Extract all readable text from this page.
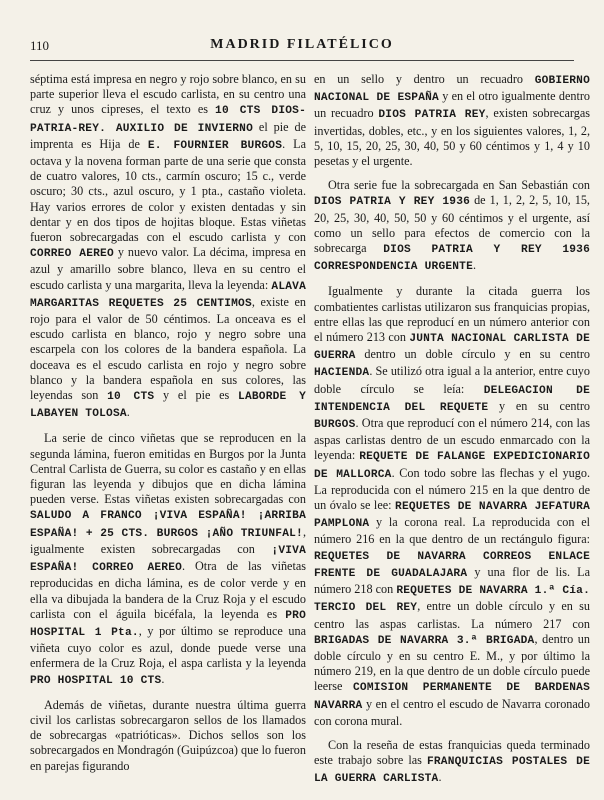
110	MADRID FILATÉLICO

séptima está impresa en negro y rojo sobre blanco, en su parte superior lleva el escudo carlista, en su centro una cruz y unos cipreses, el texto es 10 CTS DIOS-PATRIA-REY. AUXILIO DE INVIERNO el pie de imprenta es Hija de E. FOURNIER BURGOS. La octava y la novena forman parte de una serie que consta de cuatro valores, 10 cts., carmín oscuro; 15 c., verde oscuro; 30 cts., azul oscuro, y 1 pta., castaño violeta. Hay varios errores de color y existen dentadas y sin dentar y en dos tipos de hojitas bloque. Estas viñetas fueron sobrecargadas con el escudo carlista y con CORREO AEREO y nuevo valor. La décima, impresa en azul y amarillo sobre blanco, lleva en su centro el escudo carlista y una margarita, lleva la leyenda: ALAVA MARGARITAS REQUETES 25 CENTIMOS, existe en rojo para el valor de 50 céntimos. La onceava es el escudo carlista en blanco, rojo y negro sobre una escarpela con los colores de la bandera española. La doceava es el escudo carlista en rojo y negro sobre blanco y la bandera española en sus colores, las leyendas son 10 CTS y el pie es LABORDE Y LABAYEN TOLOSA.

La serie de cinco viñetas que se reproducen en la segunda lámina, fueron emitidas en Burgos por la Junta Central Carlista de Guerra, su color es castaño y en ellas figuran las leyenda y dibujos que en dicha lámina pueden verse. Estas viñetas existen sobrecargadas con SALUDO A FRANCO ¡VIVA ESPAÑA! ¡ARRIBA ESPAÑA! + 25 CTS. BURGOS ¡AÑO TRIUNFAL!, igualmente existen sobrecargadas con ¡VIVA ESPAÑA! CORREO AEREO. Otra de las viñetas reproducidas en dicha lámina, es de color verde y en ella va dibujada la bandera de la Cruz Roja y el escudo carlista con el águila bicéfala, la leyenda es PRO HOSPITAL 1 Pta., y por último se reproduce una viñeta cuyo color es azul, donde puede verse una enfermera de la Cruz Roja, el aspa carlista y la leyenda PRO HOSPITAL 10 CTS.

Además de viñetas, durante nuestra última guerra civil los carlistas sobrecargaron sellos de los llamados de sobrecargas «patrióticas». Dichos sellos son los sobrecargados en Mondragón (Guipúzcoa) que lo fueron en parejas figurando

en un sello y dentro un recuadro GOBIERNO NACIONAL DE ESPAÑA y en el otro igualmente dentro un recuadro DIOS PATRIA REY, existen sobrecargas invertidas, dobles, etc., y en los siguientes valores, 1, 2, 5, 10, 15, 20, 25, 30, 40, 50 y 60 céntimos y 1, 4 y 10 pesetas y el urgente.

Otra serie fue la sobrecargada en San Sebastián con DIOS PATRIA Y REY 1936 de 1, 1, 2, 2, 5, 10, 15, 20, 25, 30, 40, 50, 50 y 60 céntimos y el urgente, así como un sello para efectos de comercio con la sobrecarga DIOS PATRIA Y REY 1936 CORRESPONDENCIA URGENTE.

Igualmente y durante la citada guerra los combatientes carlistas utilizaron sus franquicias propias, entre ellas las que reproducí en un número anterior con el número 213 con JUNTA NACIONAL CARLISTA DE GUERRA dentro un doble círculo y en su centro HACIENDA. Se utilizó otra igual a la anterior, entre cuyo doble círculo se leía: DELEGACION DE INTENDENCIA DEL REQUETE y en su centro BURGOS. Otra que reproducí con el número 214, con las aspas carlistas dentro de un escudo enmarcado con la leyenda: REQUETE DE FALANGE EXPEDICIONARIO DE MALLORCA. Con todo sobre las flechas y el yugo. La reproducida con el número 215 en la que dentro de un óvalo se lee: REQUETES DE NAVARRA JEFATURA PAMPLONA y la corona real. La reproducida con el número 216 en la que dentro de un rectángulo figura: REQUETES DE NAVARRA CORREOS ENLACE FRENTE DE GUADALAJARA y una flor de lis. La número 218 con REQUETES DE NAVARRA 1.ª Cía. TERCIO DEL REY, entre un doble círculo y en su centro las aspas carlistas. La número 217 con BRIGADAS DE NAVARRA 3.ª BRIGADA, dentro un doble círculo y en su centro E. M., y por último la número 219, en la que dentro de un doble círculo puede leerse COMISION PERMANENTE DE BARDENAS NAVARRA y en el centro el escudo de Navarra coronado con corona mural.

Con la reseña de estas franquicias queda terminado este trabajo sobre las FRANQUICIAS POSTALES DE LA GUERRA CARLISTA.
